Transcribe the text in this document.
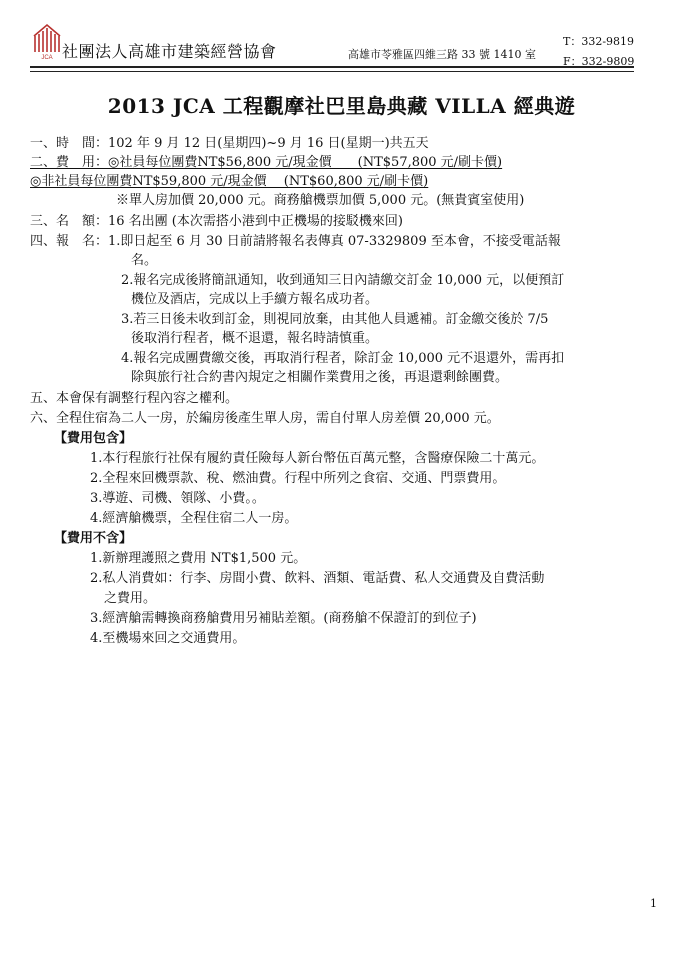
JCA 社團法人高雄市建築經營協會	高雄市苓雅區四維三路 33 號 1410 室
T：332-9819
F：332-9809
2013 JCA 工程觀摩社巴里島典藏 VILLA 經典遊
一、時　間：102 年 9 月 12 日(星期四)~9 月 16 日(星期一)共五天
二、費　用：◎社員每位團費NT$56,800 元/現金價　　(NT$57,800 元/刷卡價)
◎非社員每位團費NT$59,800 元/現金價　 (NT$60,800 元/刷卡價)
※單人房加價 20,000 元。商務艙機票加價 5,000 元。(無貴賓室使用)
三、名　額：16 名出團 (本次需搭小港到中正機場的接駁機來回)
四、報　名：1.即日起至 6 月 30 日前請將報名表傳真 07-3329809 至本會，不接受電話報
名。
2.報名完成後將簡訊通知，收到通知三日內請繳交訂金 10,000 元，以便預訂
機位及酒店，完成以上手續方報名成功者。
3.若三日後未收到訂金，則視同放棄，由其他人員遞補。訂金繳交後於 7/5
後取消行程者，概不退還，報名時請慎重。
4.報名完成團費繳交後，再取消行程者，除訂金 10,000 元不退還外，需再扣
除與旅行社合約書內規定之相關作業費用之後，再退還剩餘團費。
五、本會保有調整行程內容之權利。
六、全程住宿為二人一房，於編房後產生單人房，需自付單人房差價 20,000 元。
【費用包含】
1.本行程旅行社保有履約責任險每人新台幣伍百萬元整，含醫療保險二十萬元。
2.全程來回機票款、稅、燃油費。行程中所列之食宿、交通、門票費用。
3.導遊、司機、領隊、小費。。
4.經濟艙機票，全程住宿二人一房。
【費用不含】
1.新辦理護照之費用 NT$1,500 元。
2.私人消費如：行李、房間小費、飲料、酒類、電話費、私人交通費及自費活動
之費用。
3.經濟艙需轉換商務艙費用另補貼差額。(商務艙不保證訂的到位子)
4.至機場來回之交通費用。
1
